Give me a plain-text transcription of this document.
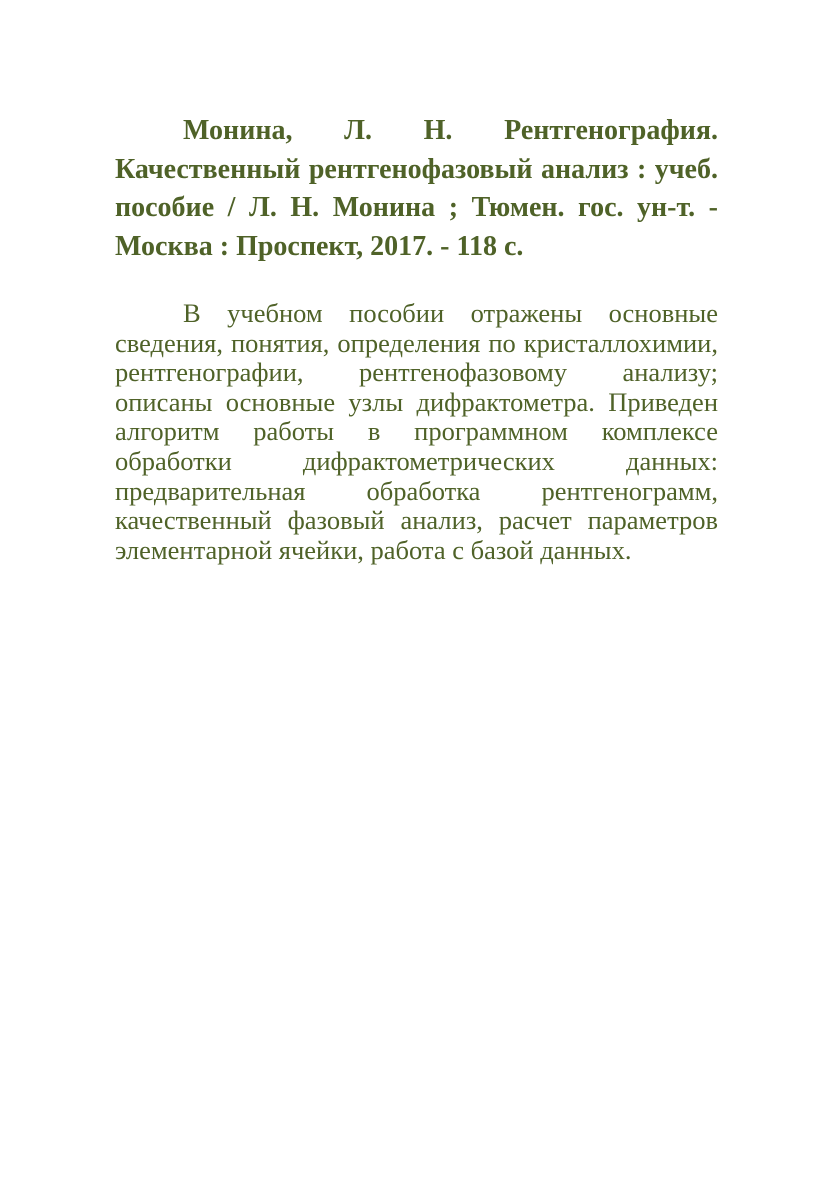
Монина, Л. Н. Рентгенография. Качественный рентгенофазовый анализ : учеб. пособие / Л. Н. Монина ; Тюмен. гос. ун-т. - Москва : Проспект, 2017. - 118 с.

В учебном пособии отражены основные сведения, понятия, определения по кристаллохимии, рентгенографии, рентгенофазовому анализу; описаны основные узлы дифрактометра. Приведен алгоритм работы в программном комплексе обработки дифрактометрических данных: предварительная обработка рентгенограмм, качественный фазовый анализ, расчет параметров элементарной ячейки, работа с базой данных.
